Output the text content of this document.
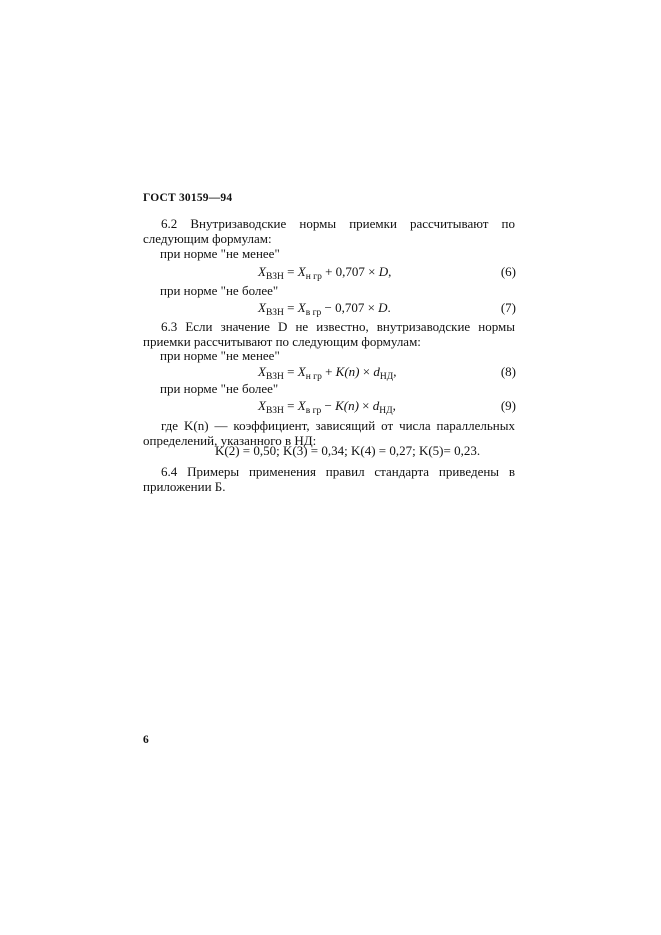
ГОСТ 30159—94
6.2 Внутризаводские нормы приемки рассчитывают по следующим формулам:
при норме "не менее"
$X_{ВЗН} = X_{н гр} + 0,707 \times D$,	(6)
при норме "не более"
$X_{ВЗН} = X_{в гр} - 0,707 \times D$.	(7)
6.3 Если значение D не известно, внутризаводские нормы приемки рассчитывают по следующим формулам:
при норме "не менее"
$X_{ВЗН} = X_{н гр} + K(n) \times d_{НД}$,	(8)
при норме "не более"
$X_{ВЗН} = X_{в гр} - K(n) \times d_{НД}$,	(9)
где K(n) — коэффициент, зависящий от числа параллельных определений, указанного в НД:
K(2) = 0,50; K(3) = 0,34; K(4) = 0,27; K(5)= 0,23.
6.4 Примеры применения правил стандарта приведены в приложении Б.
6
